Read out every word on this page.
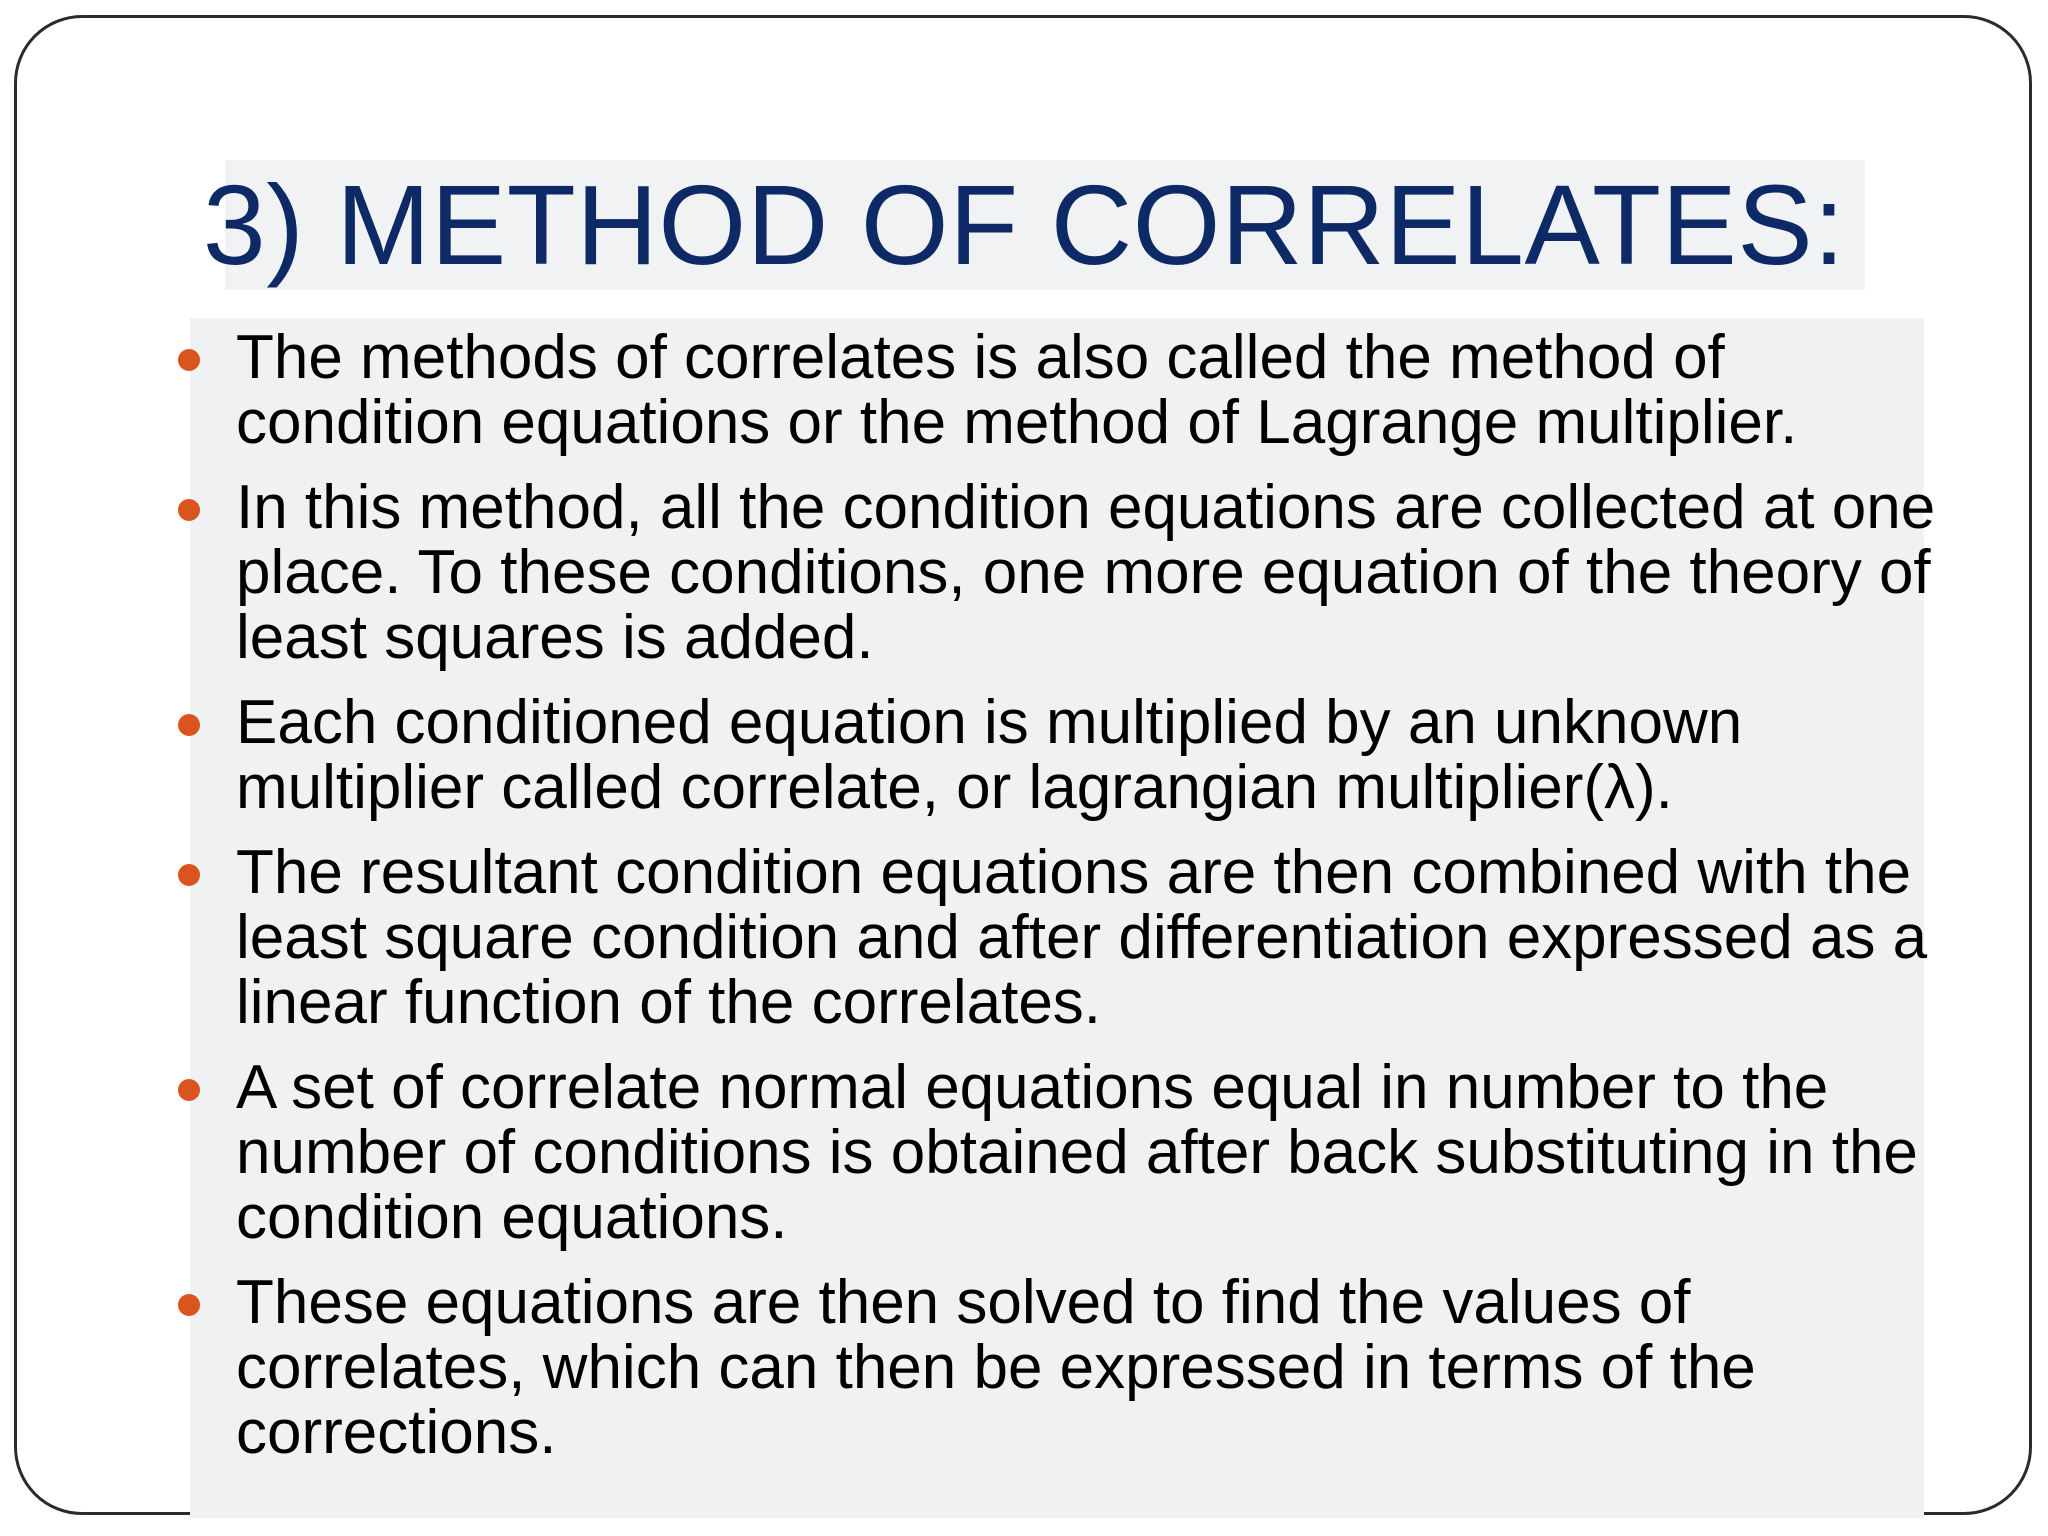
3) METHOD OF CORRELATES:
The methods of correlates is also called the method of condition equations or the method of Lagrange multiplier.
In this method, all the condition equations are collected at one place. To these conditions, one more equation of the theory of least squares is added.
Each conditioned equation is multiplied by an unknown multiplier called correlate, or lagrangian multiplier(λ).
The resultant condition equations are then combined with the least square condition and after differentiation expressed as a linear function of the correlates.
A set of correlate normal equations equal in number to the number of conditions is obtained after back substituting in the condition equations.
These equations are then solved to find the values of correlates, which can then be expressed in terms of the corrections.
